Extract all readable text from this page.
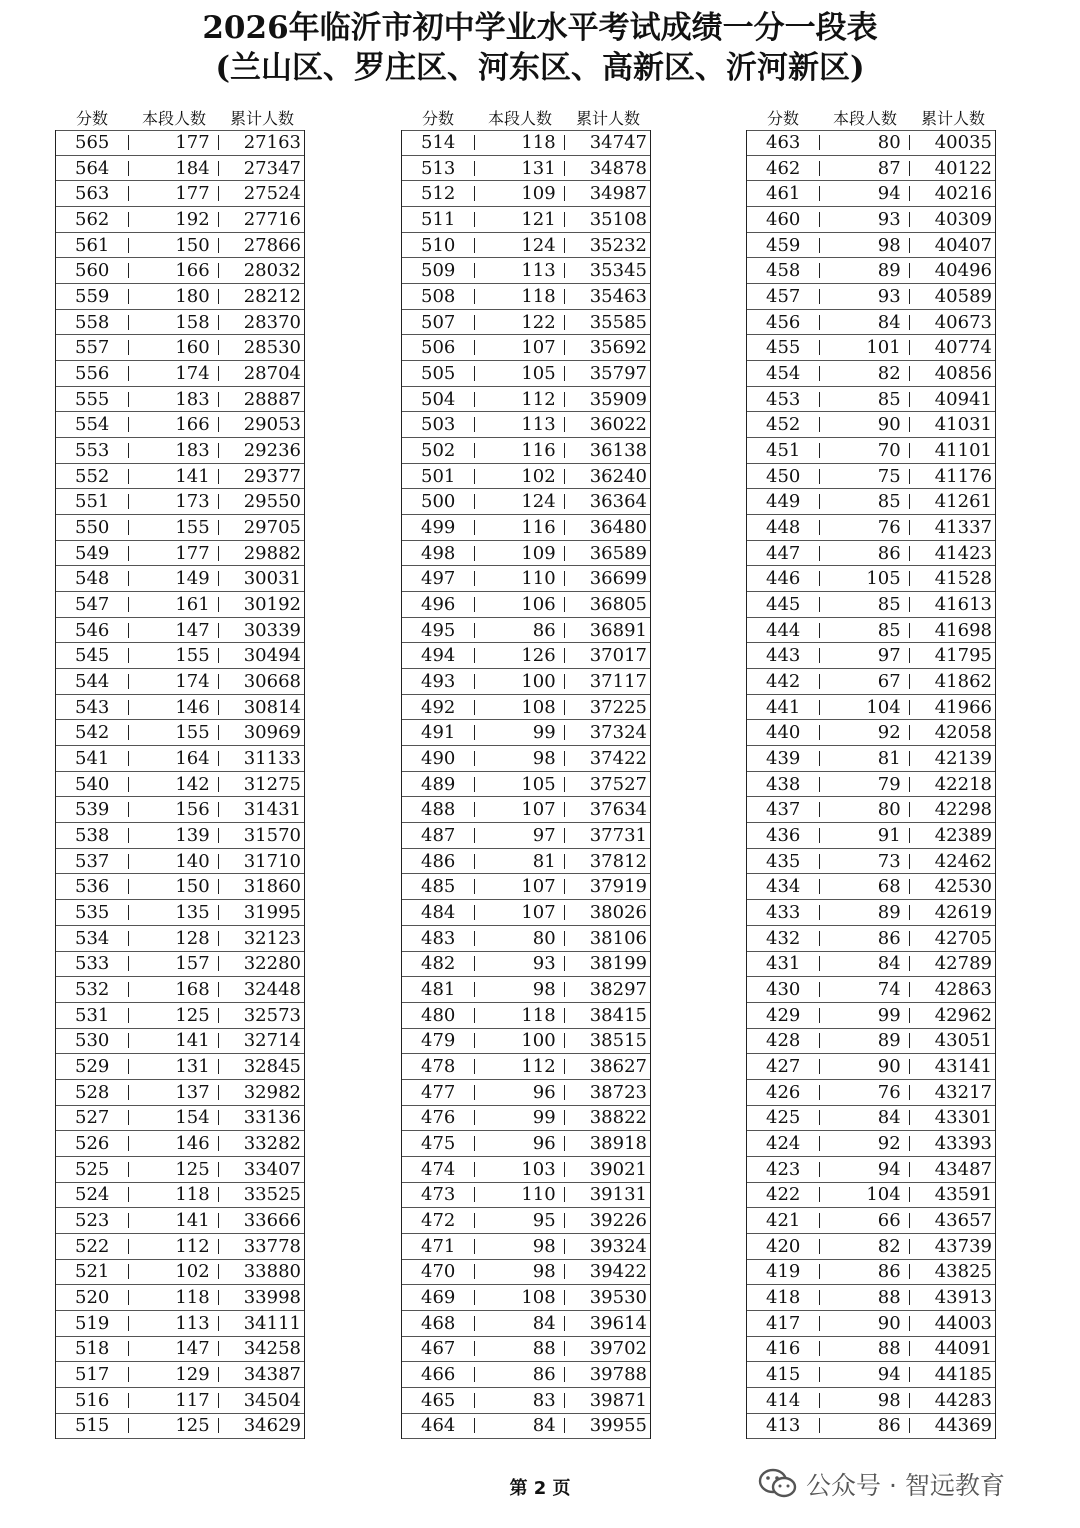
2026年临沂市初中学业水平考试成绩一分一段表
(兰山区、罗庄区、河东区、高新区、沂河新区)
分数	本段人数	累计人数
565	177	27163
564	184	27347
563	177	27524
562	192	27716
561	150	27866
560	166	28032
559	180	28212
558	158	28370
557	160	28530
556	174	28704
555	183	28887
554	166	29053
553	183	29236
552	141	29377
551	173	29550
550	155	29705
549	177	29882
548	149	30031
547	161	30192
546	147	30339
545	155	30494
544	174	30668
543	146	30814
542	155	30969
541	164	31133
540	142	31275
539	156	31431
538	139	31570
537	140	31710
536	150	31860
535	135	31995
534	128	32123
533	157	32280
532	168	32448
531	125	32573
530	141	32714
529	131	32845
528	137	32982
527	154	33136
526	146	33282
525	125	33407
524	118	33525
523	141	33666
522	112	33778
521	102	33880
520	118	33998
519	113	34111
518	147	34258
517	129	34387
516	117	34504
515	125	34629
分数	本段人数	累计人数
514	118	34747
513	131	34878
512	109	34987
511	121	35108
510	124	35232
509	113	35345
508	118	35463
507	122	35585
506	107	35692
505	105	35797
504	112	35909
503	113	36022
502	116	36138
501	102	36240
500	124	36364
499	116	36480
498	109	36589
497	110	36699
496	106	36805
495	86	36891
494	126	37017
493	100	37117
492	108	37225
491	99	37324
490	98	37422
489	105	37527
488	107	37634
487	97	37731
486	81	37812
485	107	37919
484	107	38026
483	80	38106
482	93	38199
481	98	38297
480	118	38415
479	100	38515
478	112	38627
477	96	38723
476	99	38822
475	96	38918
474	103	39021
473	110	39131
472	95	39226
471	98	39324
470	98	39422
469	108	39530
468	84	39614
467	88	39702
466	86	39788
465	83	39871
464	84	39955
分数	本段人数	累计人数
463	80	40035
462	87	40122
461	94	40216
460	93	40309
459	98	40407
458	89	40496
457	93	40589
456	84	40673
455	101	40774
454	82	40856
453	85	40941
452	90	41031
451	70	41101
450	75	41176
449	85	41261
448	76	41337
447	86	41423
446	105	41528
445	85	41613
444	85	41698
443	97	41795
442	67	41862
441	104	41966
440	92	42058
439	81	42139
438	79	42218
437	80	42298
436	91	42389
435	73	42462
434	68	42530
433	89	42619
432	86	42705
431	84	42789
430	74	42863
429	99	42962
428	89	43051
427	90	43141
426	76	43217
425	84	43301
424	92	43393
423	94	43487
422	104	43591
421	66	43657
420	82	43739
419	86	43825
418	88	43913
417	90	44003
416	88	44091
415	94	44185
414	98	44283
413	86	44369
第 2 页	公众号 · 智远教育
